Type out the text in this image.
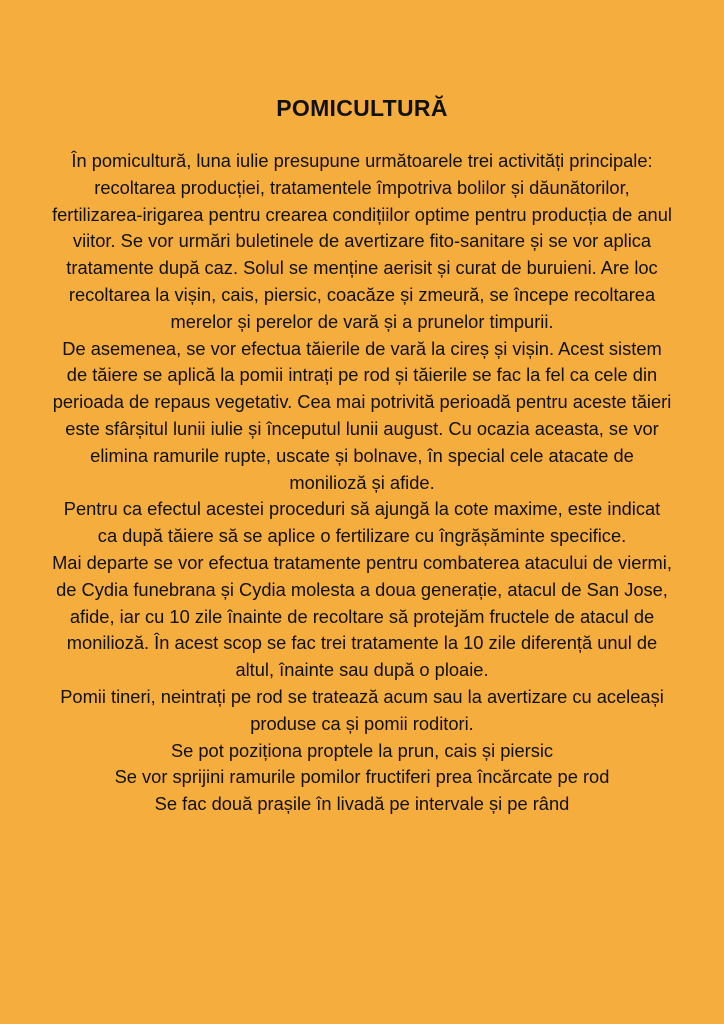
POMICULTURĂ

În pomicultură, luna iulie presupune următoarele trei activități principale: recoltarea producției, tratamentele împotriva bolilor și dăunătorilor, fertilizarea-irigarea pentru crearea condițiilor optime pentru producția de anul viitor. Se vor urmări buletinele de avertizare fito-sanitare și se vor aplica tratamente după caz. Solul se menține aerisit și curat de buruieni. Are loc recoltarea la vișin, cais, piersic, coacăze și zmeură, se începe recoltarea merelor și perelor de vară și a prunelor timpurii.

De asemenea, se vor efectua tăierile de vară la cireș și vișin. Acest sistem de tăiere se aplică la pomii intrați pe rod și tăierile se fac la fel ca cele din perioada de repaus vegetativ. Cea mai potrivită perioadă pentru aceste tăieri este sfârșitul lunii iulie și începutul lunii august. Cu ocazia aceasta, se vor elimina ramurile rupte, uscate și bolnave, în special cele atacate de monilioză și afide.

Pentru ca efectul acestei proceduri să ajungă la cote maxime, este indicat ca după tăiere să se aplice o fertilizare cu îngrășăminte specifice.

Mai departe se vor efectua tratamente pentru combaterea atacului de viermi, de Cydia funebrana și Cydia molesta a doua generație, atacul de San Jose, afide, iar cu 10 zile înainte de recoltare să protejăm fructele de atacul de monilioză. În acest scop se fac trei tratamente la 10 zile diferență unul de altul, înainte sau după o ploaie.

Pomii tineri, neintrați pe rod se tratează acum sau la avertizare cu aceleași produse ca și pomii roditori.

Se pot poziționa proptele la prun, cais și piersic

Se vor sprijini ramurile pomilor fructiferi prea încărcate pe rod

Se fac două prașile în livadă pe intervale și pe rând
